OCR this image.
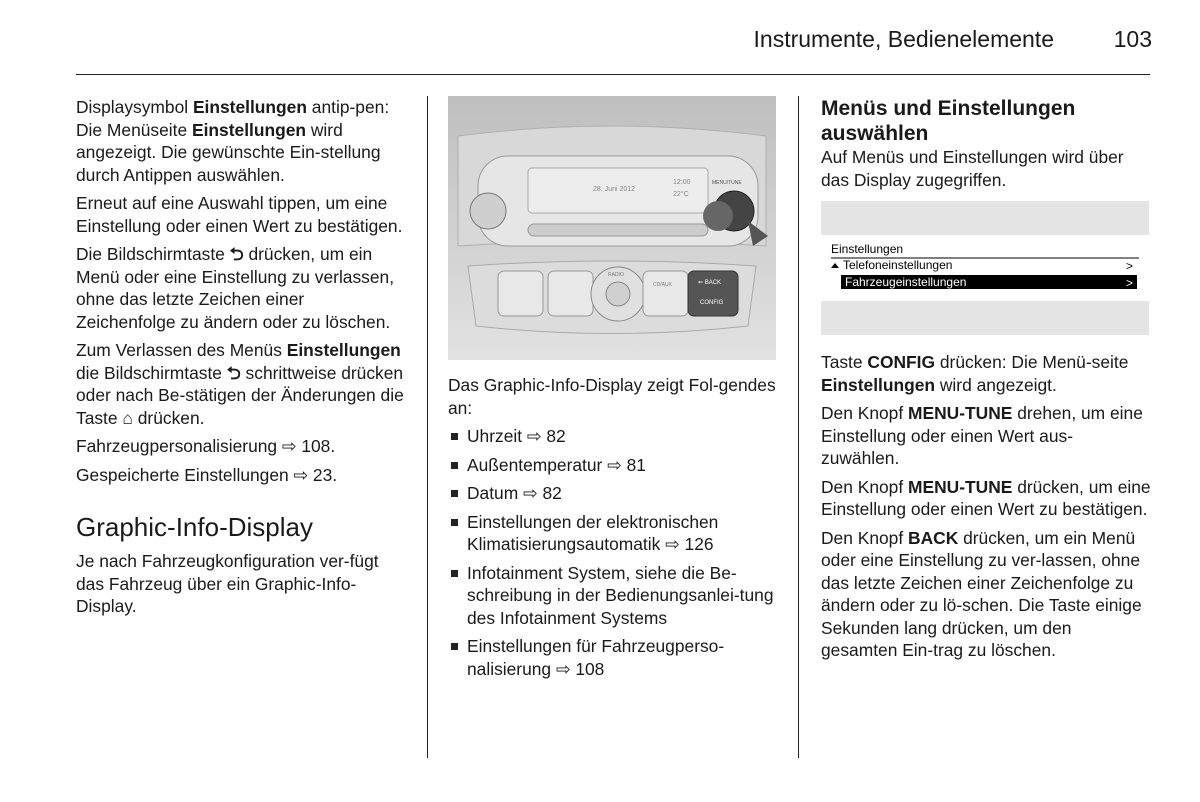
Instrumente, Bedienelemente	103

Displaysymbol Einstellungen antip-pen: Die Menüseite Einstellungen wird angezeigt. Die gewünschte Ein-stellung durch Antippen auswählen.

Erneut auf eine Auswahl tippen, um eine Einstellung oder einen Wert zu bestätigen.

Die Bildschirmtaste ⮌ drücken, um ein Menü oder eine Einstellung zu verlassen, ohne das letzte Zeichen einer Zeichenfolge zu ändern oder zu löschen.

Zum Verlassen des Menüs Einstellungen die Bildschirmtaste ⮌ schrittweise drücken oder nach Be-stätigen der Änderungen die Taste ⌂ drücken.

Fahrzeugpersonalisierung ⇨ 108.

Gespeicherte Einstellungen ⇨ 23.

Graphic-Info-Display

Je nach Fahrzeugkonfiguration ver-fügt das Fahrzeug über ein Graphic-Info-Display.

28. Juni 2012
12:00
22°C
MENU/TUNE
⇐ BACK
CONFIG
RADIO
CD/AUX

Das Graphic-Info-Display zeigt Fol-gendes an:

Uhrzeit ⇨ 82
Außentemperatur ⇨ 81
Datum ⇨ 82
Einstellungen der elektronischen Klimatisierungsautomatik ⇨ 126
Infotainment System, siehe die Be-schreibung in der Bedienungsanlei-tung des Infotainment Systems
Einstellungen für Fahrzeugperso-nalisierung ⇨ 108
Menüs und Einstellungen auswählen

Auf Menüs und Einstellungen wird über das Display zugegriffen.

Einstellungen
Telefoneinstellungen	>
Fahrzeugeinstellungen	>

Taste CONFIG drücken: Die Menü-seite Einstellungen wird angezeigt.

Den Knopf MENU-TUNE drehen, um eine Einstellung oder einen Wert aus-zuwählen.

Den Knopf MENU-TUNE drücken, um eine Einstellung oder einen Wert zu bestätigen.

Den Knopf BACK drücken, um ein Menü oder eine Einstellung zu ver-lassen, ohne das letzte Zeichen einer Zeichenfolge zu ändern oder zu lö-schen. Die Taste einige Sekunden lang drücken, um den gesamten Ein-trag zu löschen.
